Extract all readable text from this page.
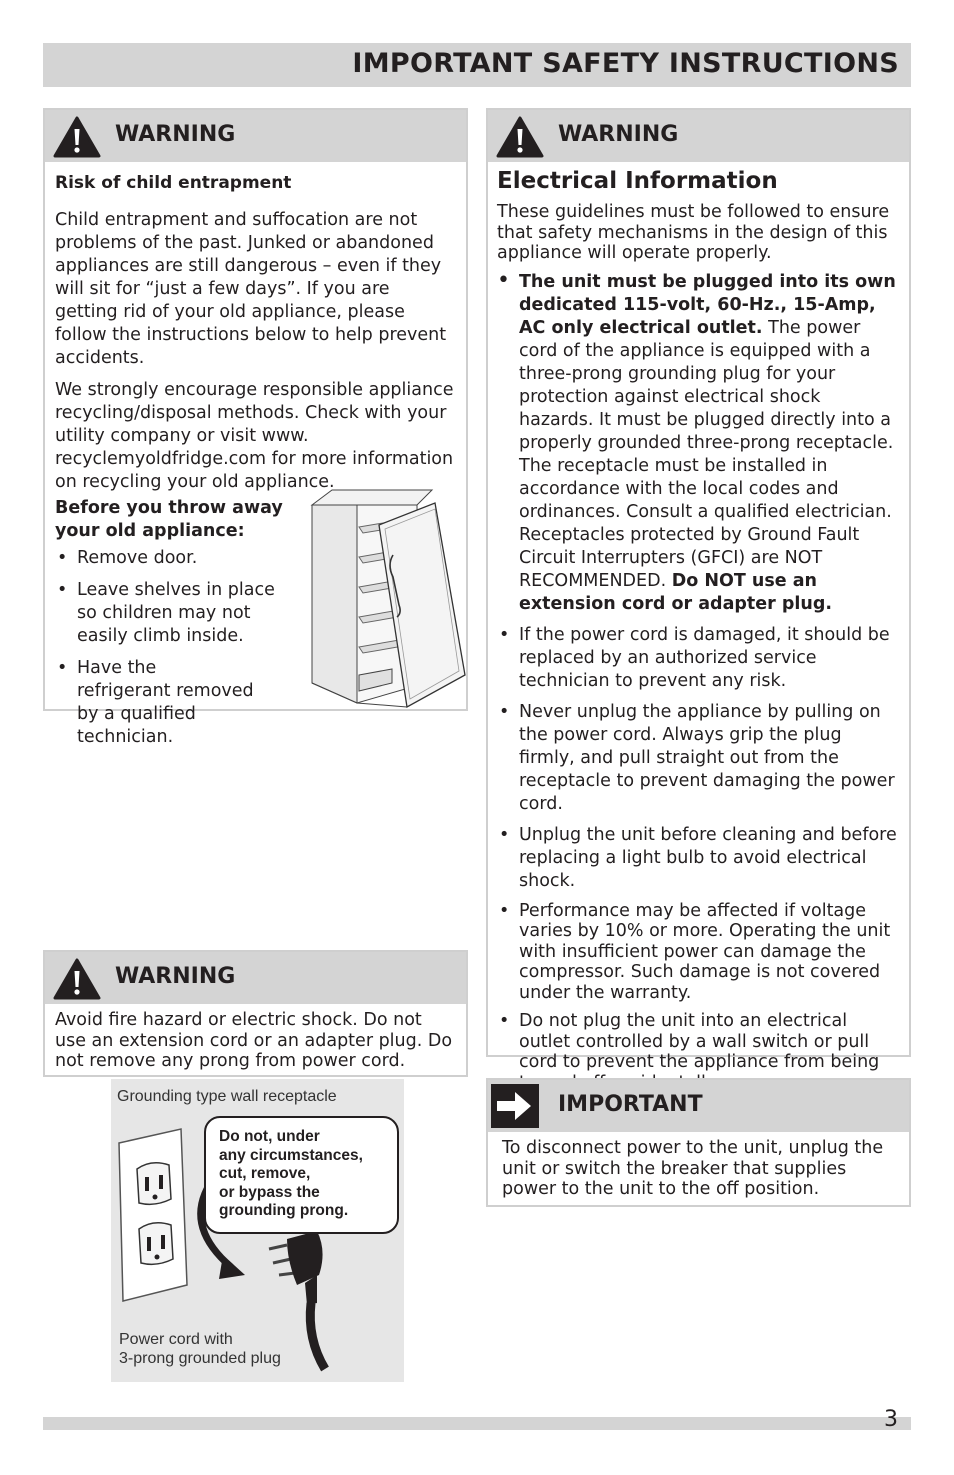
IMPORTANT SAFETY INSTRUCTIONS
WARNING

Risk of child entrapment

Child entrapment and suffocation are not problems of the past. Junked or abandoned appliances are still dangerous – even if they will sit for “just a few days”. If you are getting rid of your old appliance, please follow the instructions below to help prevent accidents.

We strongly encourage responsible appliance recycling/disposal methods. Check with your utility company or visit www. recyclemyoldfridge.com for more information on recycling your old appliance.

Before you throw away your old appliance:

• Remove door.
• Leave shelves in place so children may not easily climb inside.
• Have the refrigerant removed by a qualified technician.
WARNING

Avoid fire hazard or electric shock. Do not use an extension cord or an adapter plug. Do not remove any prong from power cord.

Grounding type wall receptacle
Do not, under
any circumstances,
cut, remove,
or bypass the
grounding prong.
Power cord with
3-prong grounded plug
WARNING

Electrical Information

These guidelines must be followed to ensure that safety mechanisms in the design of this appliance will operate properly.

• The unit must be plugged into its own dedicated 115-volt, 60-Hz., 15-Amp, AC only electrical outlet. The power cord of the appliance is equipped with a three-prong grounding plug for your protection against electrical shock hazards. It must be plugged directly into a properly grounded three-prong receptacle. The receptacle must be installed in accordance with the local codes and ordinances. Consult a qualified electrician. Receptacles protected by Ground Fault Circuit Interrupters (GFCI) are NOT RECOMMENDED. Do NOT use an extension cord or adapter plug.
• If the power cord is damaged, it should be replaced by an authorized service technician to prevent any risk.
• Never unplug the appliance by pulling on the power cord. Always grip the plug firmly, and pull straight out from the receptacle to prevent damaging the power cord.
• Unplug the unit before cleaning and before replacing a light bulb to avoid electrical shock.
• Performance may be affected if voltage varies by 10% or more. Operating the unit with insufficient power can damage the compressor. Such damage is not covered under the warranty.
• Do not plug the unit into an electrical outlet controlled by a wall switch or pull cord to prevent the appliance from being
IMPORTANT

To disconnect power to the unit, unplug the unit or switch the breaker that supplies power to the unit to the off position.

3
